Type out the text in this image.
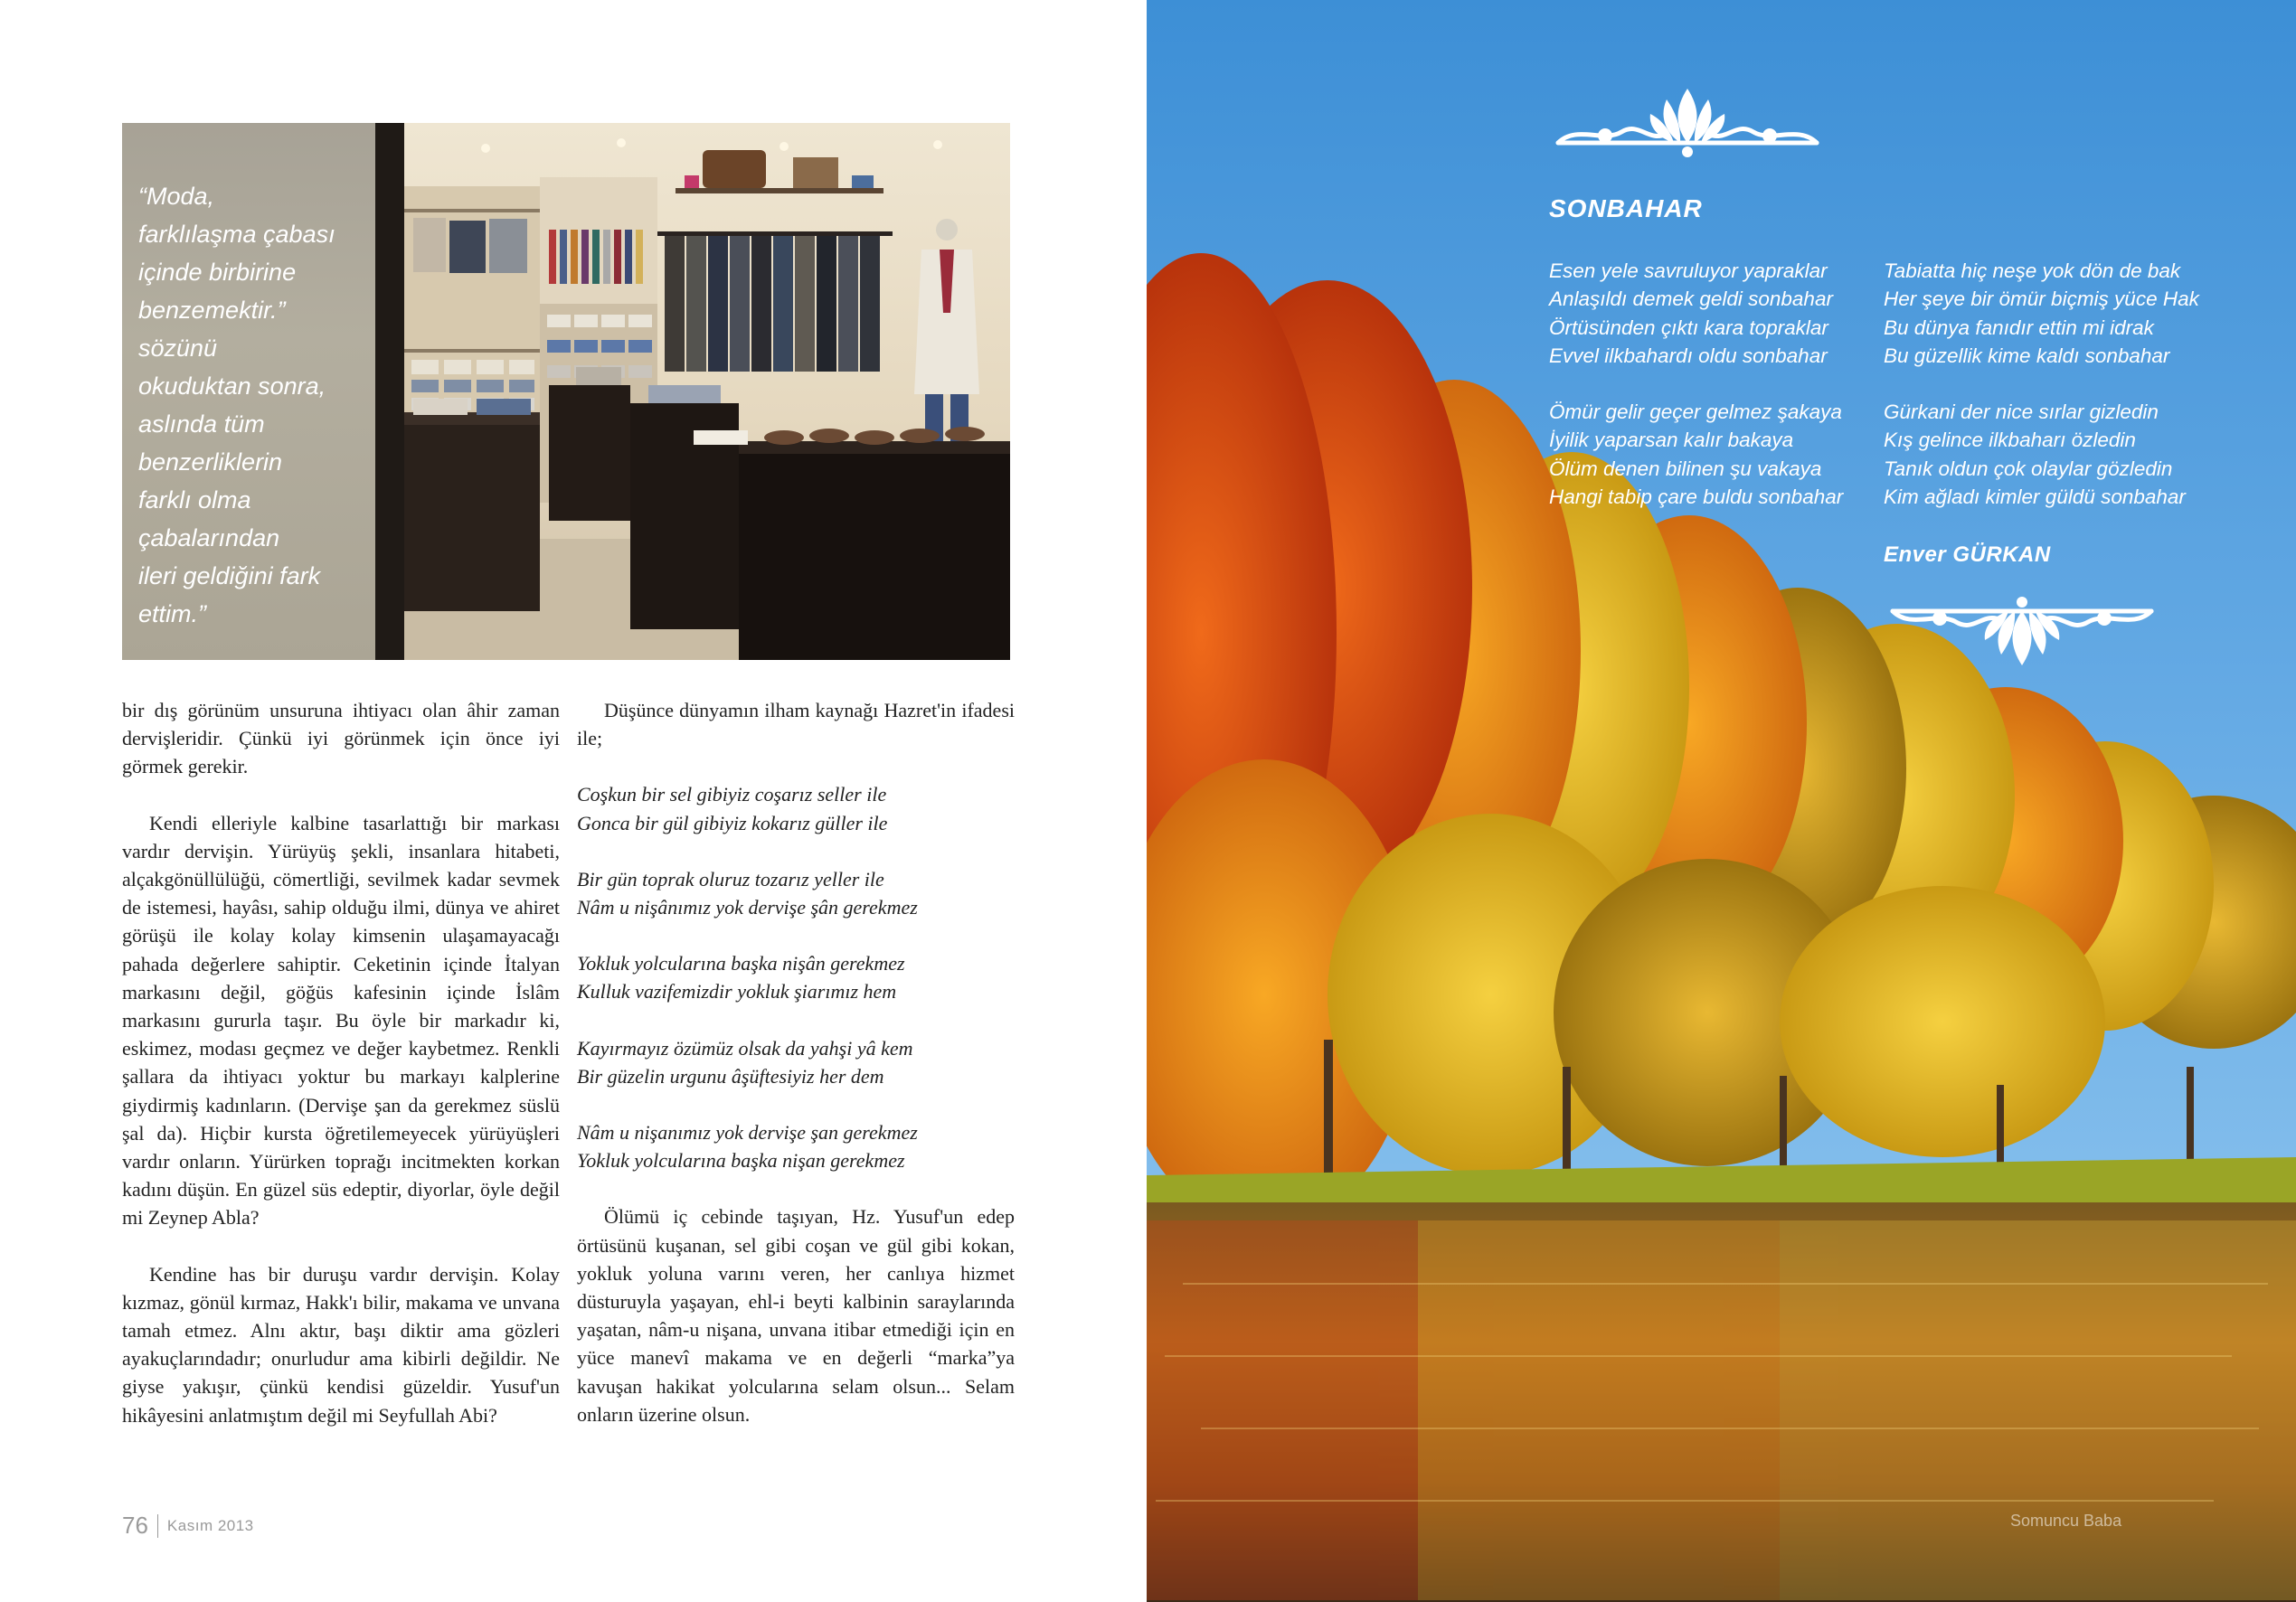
“Moda,
farklılaşma çabası
içinde birbirine
benzemektir.”
sözünü
okuduktan sonra,
aslında tüm
benzerliklerin
farklı olma
çabalarından
ileri geldiğini fark
ettim.”

bir dış görünüm unsuruna ihtiyacı olan âhir zaman dervişleridir. Çünkü iyi görünmek için önce iyi görmek gerekir.

Kendi elleriyle kalbine tasarlattığı bir markası vardır dervişin. Yürüyüş şekli, insanlara hitabeti, alçakgönüllülüğü, cömertliği, sevilmek kadar sevmek de istemesi, hayâsı, sahip olduğu ilmi, dünya ve ahiret görüşü ile kolay kolay kimsenin ulaşamayacağı pahada değerlere sahiptir. Ceketinin içinde İtalyan markasını değil, göğüs kafesinin içinde İslâm markasını gururla taşır. Bu öyle bir markadır ki, eskimez, modası geçmez ve değer kaybetmez. Renkli şallara da ihtiyacı yoktur bu markayı kalplerine giydirmiş kadınların. (Dervişe şan da gerekmez süslü şal da). Hiçbir kursta öğretilemeyecek yürüyüşleri vardır onların. Yürürken toprağı incitmekten korkan kadını düşün. En güzel süs edeptir, diyorlar, öyle değil mi Zeynep Abla?

Kendine has bir duruşu vardır dervişin. Kolay kızmaz, gönül kırmaz, Hakk'ı bilir, makama ve unvana tamah etmez. Alnı aktır, başı diktir ama gözleri ayakuçlarındadır; onurludur ama kibirli değildir. Ne giyse yakışır, çünkü kendisi güzeldir. Yusuf'un hikâyesini anlatmıştım değil mi Seyfullah Abi?

Düşünce dünyamın ilham kaynağı Hazret'in ifadesi ile;

Coşkun bir sel gibiyiz coşarız seller ile

Gonca bir gül gibiyiz kokarız güller ile

Bir gün toprak oluruz tozarız yeller ile

Nâm u nişânımız yok dervişe şân gerekmez

Yokluk yolcularına başka nişân gerekmez

Kulluk vazifemizdir yokluk şiarımız hem

Kayırmayız özümüz olsak da yahşi yâ kem

Bir güzelin urgunu âşüftesiyiz her dem

Nâm u nişanımız yok dervişe şan gerekmez

Yokluk yolcularına başka nişan gerekmez

Ölümü iç cebinde taşıyan, Hz. Yusuf'un edep örtüsünü kuşanan, sel gibi coşan ve gül gibi kokan, yokluk yoluna varını veren, her canlıya hizmet düsturuyla yaşayan, ehl-i beyti kalbinin saraylarında yaşatan, nâm-u nişana, unvana itibar etmediği için en yüce manevî makama ve en değerli “marka”ya kavuşan hakikat yolcularına selam olsun... Selam onların üzerine olsun.

76 Kasım 2013
SONBAHAR

Esen yele savruluyor yapraklar

Anlaşıldı demek geldi sonbahar

Örtüsünden çıktı kara topraklar

Evvel ilkbahardı oldu sonbahar

Ömür gelir geçer gelmez şakaya

İyilik yaparsan kalır bakaya

Ölüm denen bilinen şu vakaya

Hangi tabip çare buldu sonbahar

Tabiatta hiç neşe yok dön de bak

Her şeye bir ömür biçmiş yüce Hak

Bu dünya fanıdır ettin mi idrak

Bu güzellik kime kaldı sonbahar

Gürkani der nice sırlar gizledin

Kış gelince ilkbaharı özledin

Tanık oldun çok olaylar gözledin

Kim ağladı kimler güldü sonbahar

Enver GÜRKAN
Somuncu Baba
